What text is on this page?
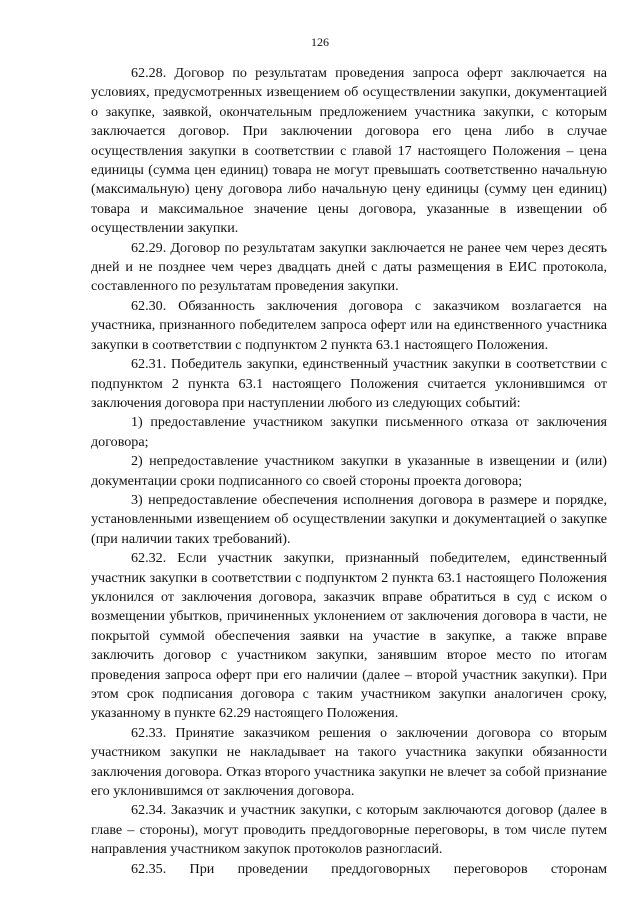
126

62.28. Договор по результатам проведения запроса оферт заключается на условиях, предусмотренных извещением об осуществлении закупки, документацией о закупке, заявкой, окончательным предложением участника закупки, с которым заключается договор. При заключении договора его цена либо в случае осуществления закупки в соответствии с главой 17 настоящего Положения – цена единицы (сумма цен единиц) товара не могут превышать соответственно начальную (максимальную) цену договора либо начальную цену единицы (сумму цен единиц) товара и максимальное значение цены договора, указанные в извещении об осуществлении закупки.

62.29. Договор по результатам закупки заключается не ранее чем через десять дней и не позднее чем через двадцать дней с даты размещения в ЕИС протокола, составленного по результатам проведения закупки.

62.30. Обязанность заключения договора с заказчиком возлагается на участника, признанного победителем запроса оферт или на единственного участника закупки в соответствии с подпунктом 2 пункта 63.1 настоящего Положения.

62.31. Победитель закупки, единственный участник закупки в соответствии с подпунктом 2 пункта 63.1 настоящего Положения считается уклонившимся от заключения договора при наступлении любого из следующих событий:

1) предоставление участником закупки письменного отказа от заключения договора;

2) непредоставление участником закупки в указанные в извещении и (или) документации сроки подписанного со своей стороны проекта договора;

3) непредоставление обеспечения исполнения договора в размере и порядке, установленными извещением об осуществлении закупки и документацией о закупке (при наличии таких требований).

62.32. Если участник закупки, признанный победителем, единственный участник закупки в соответствии с подпунктом 2 пункта 63.1 настоящего Положения уклонился от заключения договора, заказчик вправе обратиться в суд с иском о возмещении убытков, причиненных уклонением от заключения договора в части, не покрытой суммой обеспечения заявки на участие в закупке, а также вправе заключить договор с участником закупки, занявшим второе место по итогам проведения запроса оферт при его наличии (далее – второй участник закупки). При этом срок подписания договора с таким участником закупки аналогичен сроку, указанному в пункте 62.29 настоящего Положения.

62.33. Принятие заказчиком решения о заключении договора со вторым участником закупки не накладывает на такого участника закупки обязанности заключения договора. Отказ второго участника закупки не влечет за собой признание его уклонившимся от заключения договора.

62.34. Заказчик и участник закупки, с которым заключаются договор (далее в главе – стороны), могут проводить преддоговорные переговоры, в том числе путем направления участником закупок протоколов разногласий.

62.35. При проведении преддоговорных переговоров сторонам
